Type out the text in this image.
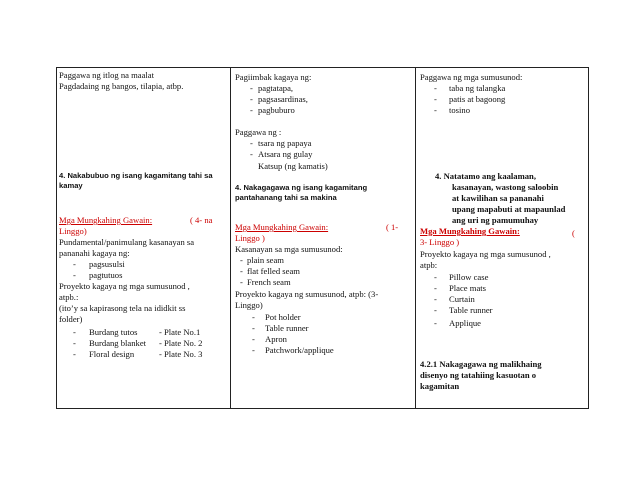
Paggawa ng itlog na maalat
Pagdadaing ng bangos, tilapia, atbp.
4. Nakabubuo ng isang kagamitang tahi sa
kamay
Mga Mungkahing Gawain:	( 4- na
Linggo)
Pundamental/panimulang kasanayan sa
pananahi kagaya ng:
- pagsusulsi
- pagtutuos
Proyekto kagaya ng mga sumusunod ,
atpb.:
(ito’y sa kapirasong tela na ididkit ss
folder)
- Burdang tutos	- Plate No.1
- Burdang blanket - Plate No. 2
- Floral design	- Plate No. 3
Pagiimbak kagaya ng:
- pagtatapa,
- pagsasardinas,
- pagbuburo
Paggawa ng :
- tsara ng papaya
- Atsara ng gulay
Katsup (ng kamatis)
4. Nakagagawa ng isang kagamitang
pantahanang tahi sa makina
Mga Mungkahing Gawain:	( 1-
Linggo )
Kasanayan sa mga sumusunod:
- plain seam
- flat felled seam
- French seam
Proyekto kagaya ng sumusunod, atpb: (3-
Linggo)
- Pot holder
- Table runner
- Apron
- Patchwork/applique
Paggawa ng mga sumusunod:
- taba ng talangka
- patis at bagoong
- tosino
4. Natatamo ang kaalaman,
kasanayan, wastong saloobin
at kawilihan sa pananahi
upang mapabuti at mapaunlad
ang uri ng pamumuhay
Mga Mungkahing Gawain:	(
3- Linggo )
Proyekto kagaya ng mga sumusunod ,
atpb:
- Pillow case
- Place mats
- Curtain
- Table runner
- Applique
4.2.1 Nakagagawa ng malikhaing
disenyo ng tatahiing kasuotan o
kagamitan
